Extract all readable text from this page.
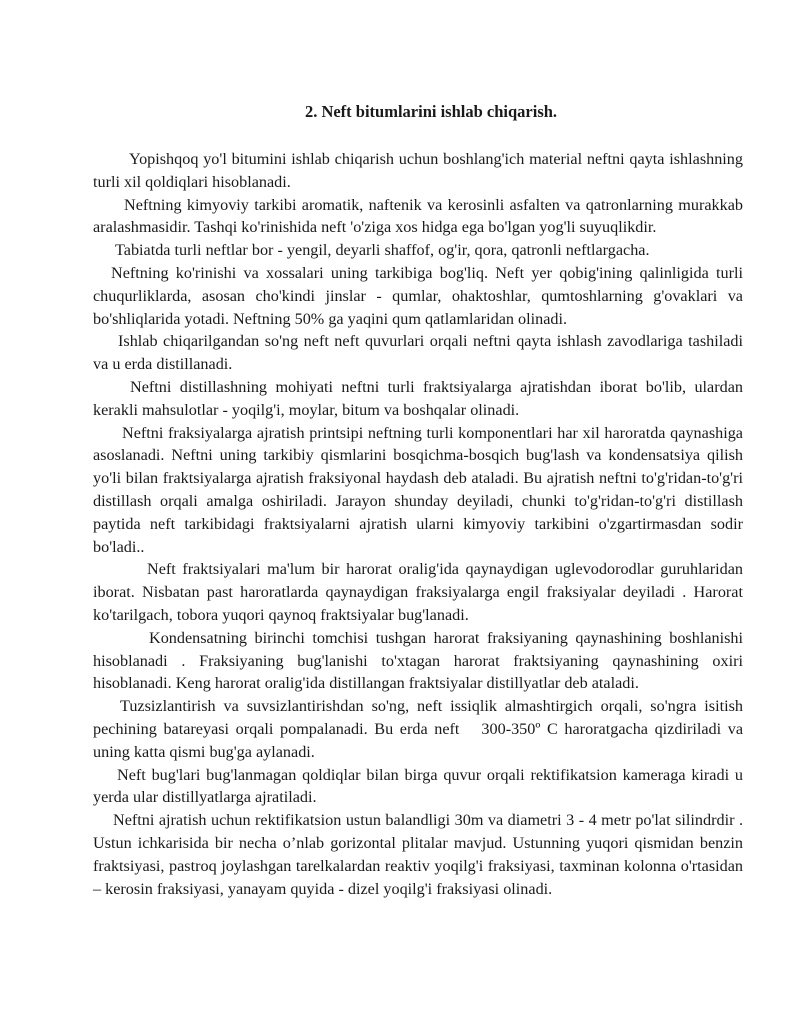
2. Neft bitumlarini ishlab chiqarish.

Yopishqoq yo'l bitumini ishlab chiqarish uchun boshlang'ich material neftni qayta ishlashning turli xil qoldiqlari hisoblanadi.

Neftning kimyoviy tarkibi aromatik, naftenik va kerosinli asfalten va qatronlarning murakkab aralashmasidir. Tashqi ko'rinishida neft 'o'ziga xos hidga ega bo'lgan yog'li suyuqlikdir.

Tabiatda turli neftlar bor - yengil, deyarli shaffof, og'ir, qora, qatronli neftlargacha.

Neftning ko'rinishi va xossalari uning tarkibiga bog'liq. Neft yer qobig'ining qalinligida turli chuqurliklarda, asosan cho'kindi jinslar - qumlar, ohaktoshlar, qumtoshlarning g'ovaklari va bo'shliqlarida yotadi. Neftning 50% ga yaqini qum qatlamlaridan olinadi.

Ishlab chiqarilgandan so'ng neft neft quvurlari orqali neftni qayta ishlash zavodlariga tashiladi va u erda distillanadi.

Neftni distillashning mohiyati neftni turli fraktsiyalarga ajratishdan iborat bo'lib, ulardan kerakli mahsulotlar - yoqilg'i, moylar, bitum va boshqalar olinadi.

Neftni fraksiyalarga ajratish printsipi neftning turli komponentlari har xil haroratda qaynashiga asoslanadi. Neftni uning tarkibiy qismlarini bosqichma-bosqich bug'lash va kondensatsiya qilish yo'li bilan fraktsiyalarga ajratish fraksiyonal haydash deb ataladi. Bu ajratish neftni to'g'ridan-to'g'ri distillash orqali amalga oshiriladi. Jarayon shunday deyiladi, chunki to'g'ridan-to'g'ri distillash paytida neft tarkibidagi fraktsiyalarni ajratish ularni kimyoviy tarkibini o'zgartirmasdan sodir bo'ladi..

Neft fraktsiyalari ma'lum bir harorat oralig'ida qaynaydigan uglevodorodlar guruhlaridan iborat. Nisbatan past haroratlarda qaynaydigan fraksiyalarga engil fraksiyalar deyiladi . Harorat ko'tarilgach, tobora yuqori qaynoq fraktsiyalar bug'lanadi.

Kondensatning birinchi tomchisi tushgan harorat fraksiyaning qaynashining boshlanishi hisoblanadi . Fraksiyaning bug'lanishi to'xtagan harorat fraktsiyaning qaynashining oxiri hisoblanadi. Keng harorat oralig'ida distillangan fraktsiyalar distillyatlar deb ataladi.

Tuzsizlantirish va suvsizlantirishdan so'ng, neft issiqlik almashtirgich orqali, so'ngra isitish pechining batareyasi orqali pompalanadi. Bu erda neft 300-350º C haroratgacha qizdiriladi va uning katta qismi bug'ga aylanadi.

Neft bug'lari bug'lanmagan qoldiqlar bilan birga quvur orqali rektifikatsion kameraga kiradi u yerda ular distillyatlarga ajratiladi.

Neftni ajratish uchun rektifikatsion ustun balandligi 30m va diametri 3 - 4 metr po'lat silindrdir . Ustun ichkarisida bir necha o’nlab gorizontal plitalar mavjud. Ustunning yuqori qismidan benzin fraktsiyasi, pastroq joylashgan tarelkalardan reaktiv yoqilg'i fraksiyasi, taxminan kolonna o'rtasidan – kerosin fraksiyasi, yanayam quyida - dizel yoqilg'i fraksiyasi olinadi.
